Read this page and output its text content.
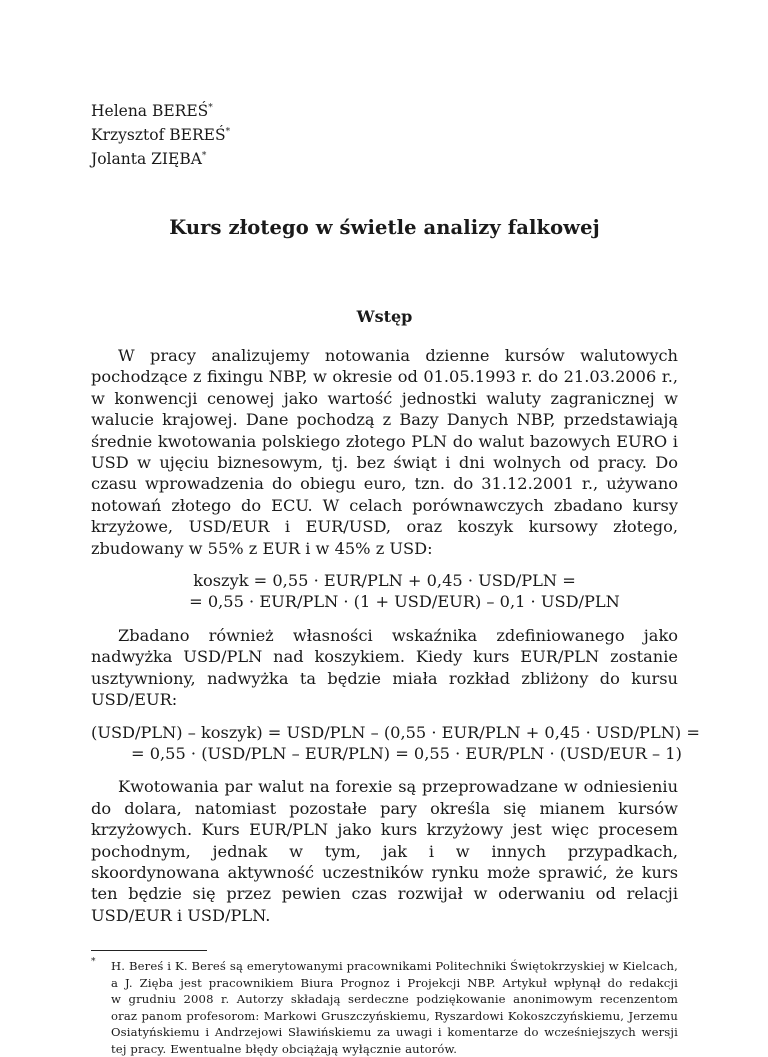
Helena BEREŚ*
Krzysztof BEREŚ*
Jolanta ZIĘBA*
Kurs złotego w świetle analizy falkowej
Wstęp

W pracy analizujemy notowania dzienne kursów walutowych pochodzące z fixingu NBP, w okresie od 01.05.1993 r. do 21.03.2006 r., w konwencji cenowej jako wartość jednostki waluty zagranicznej w walucie krajowej. Dane pochodzą z Bazy Danych NBP, przedstawiają średnie kwotowania polskiego złotego PLN do walut bazowych EURO i USD w ujęciu biznesowym, tj. bez świąt i dni wolnych od pracy. Do czasu wprowadzenia do obiegu euro, tzn. do 31.12.2001 r., używano notowań złotego do ECU. W celach porównawczych zbadano kursy krzyżowe, USD/EUR i EUR/USD, oraz koszyk kursowy złotego, zbudowany w 55% z EUR i w 45% z USD:

koszyk = 0,55 · EUR/PLN + 0,45 · USD/PLN =
= 0,55 · EUR/PLN · (1 + USD/EUR) – 0,1 · USD/PLN

Zbadano również własności wskaźnika zdefiniowanego jako nadwyżka USD/PLN nad koszykiem. Kiedy kurs EUR/PLN zostanie usztywniony, nadwyżka ta będzie miała rozkład zbliżony do kursu USD/EUR:

(USD/PLN) – koszyk) = USD/PLN – (0,55 · EUR/PLN + 0,45 · USD/PLN) =
= 0,55 · (USD/PLN – EUR/PLN) = 0,55 · EUR/PLN · (USD/EUR – 1)

Kwotowania par walut na forexie są przeprowadzane w odniesieniu do dolara, natomiast pozostałe pary określa się mianem kursów krzyżowych. Kurs EUR/PLN jako kurs krzyżowy jest więc procesem pochodnym, jednak w tym, jak i w innych przypadkach, skoordynowana aktywność uczestników rynku może sprawić, że kurs ten będzie się przez pewien czas rozwijał w oderwaniu od relacji USD/EUR i USD/PLN.

* H. Bereś i K. Bereś są emerytowanymi pracownikami Politechniki Świętokrzyskiej w Kielcach,
a J. Zięba jest pracownikiem Biura Prognoz i Projekcji NBP. Artykuł wpłynął do redakcji
w grudniu 2008 r. Autorzy składają serdeczne podziękowanie anonimowym recenzentom
oraz panom profesorom: Markowi Gruszczyńskiemu, Ryszardowi Kokoszczyńskiemu, Jerzemu
Osiatyńskiemu i Andrzejowi Sławińskiemu za uwagi i komentarze do wcześniejszych wersji
tej pracy. Ewentualne błędy obciążają wyłącznie autorów.
